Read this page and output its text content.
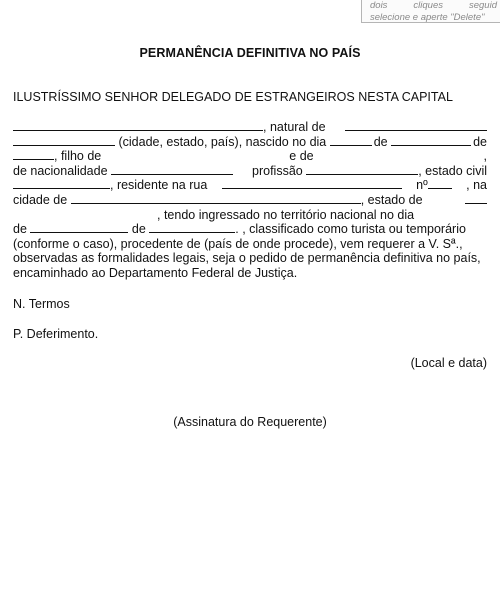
dois	cliques	seguid
selecione e aperte "Delete"
PERMANÊNCIA DEFINITIVA NO PAÍS
ILUSTRÍSSIMO SENHOR DELEGADO DE ESTRANGEIROS NESTA CAPITAL
, natural de

(cidade, estado, país), nascido no dia
	de
	de
, filho de	e de	,
de nacionalidade
	profissão
	, estado civil
, residente na rua	nº	, na
cidade de
	, estado de
, tendo ingressado no território nacional no dia
de

	de
	. , classificado como turista ou temporário
(conforme o caso), procedente de (país de onde procede), vem requerer a V. Sª.,
observadas as formalidades legais, seja o pedido de permanência definitiva no país,
encaminhado ao Departamento Federal de Justiça.
N. Termos
P. Deferimento.
(Local e data)
(Assinatura do Requerente)
